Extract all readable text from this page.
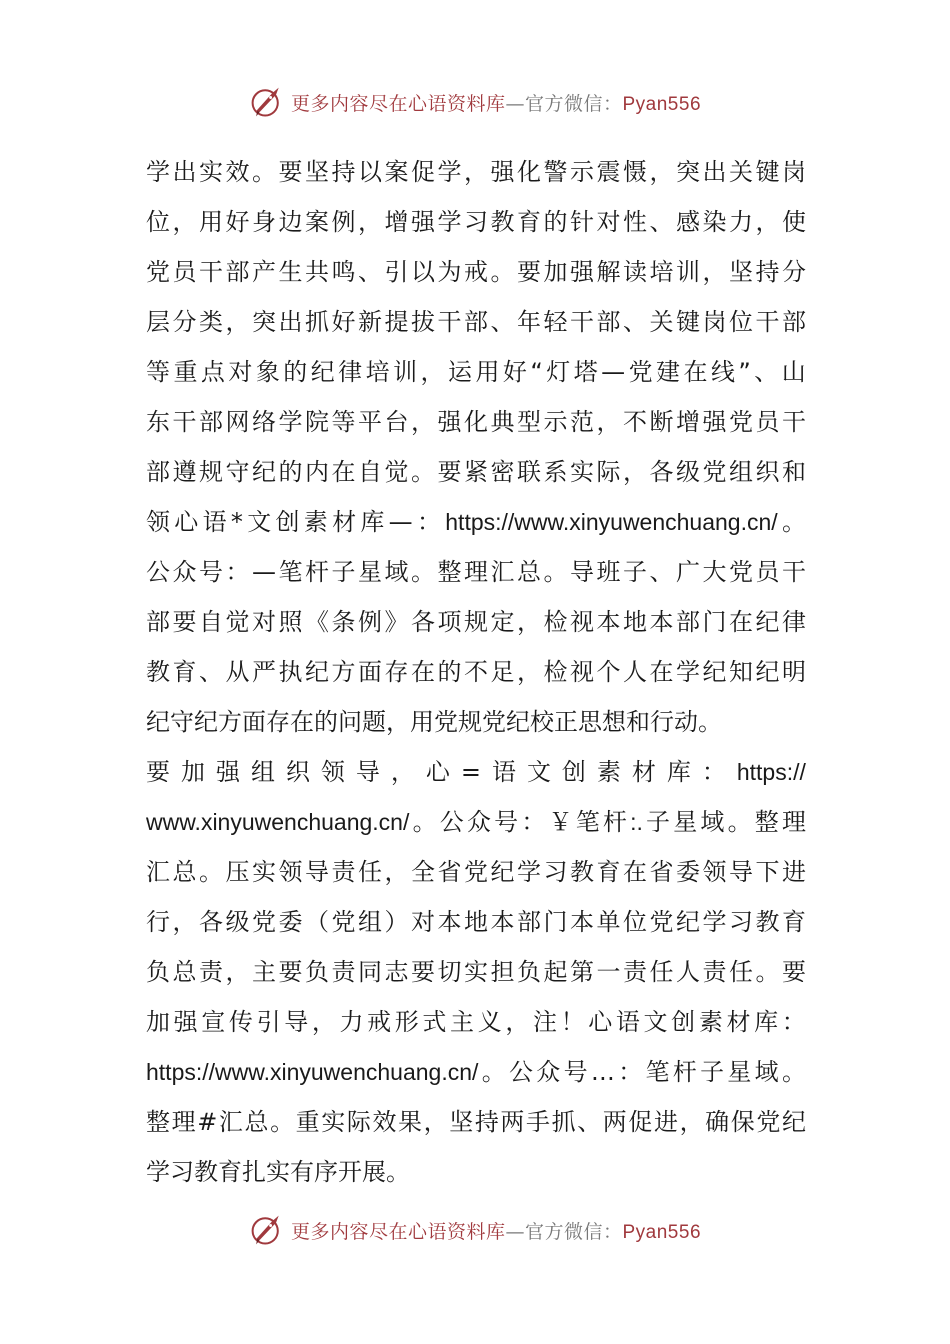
更多内容尽在心语资料库—官方微信：Pyan556
学 出 实 效 。 要 坚 持 以 案 促 学 ， 强 化 警 示 震 慑 ， 突 出 关 键 岗
位 ， 用 好 身 边 案 例 ， 增 强 学 习 教 育 的 针 对 性 、 感 染 力 ， 使
党 员 干 部 产 生 共 鸣 、 引 以 为 戒 。 要 加 强 解 读 培 训 ， 坚 持 分
层 分 类 ， 突 出 抓 好 新 提 拔 干 部 、 年 轻 干 部 、 关 键 岗 位 干 部
等 重 点 对 象 的 纪 律 培 训 ， 运 用 好 “ 灯 塔 — 党 建 在 线 ” 、 山
东 干 部 网 络 学 院 等 平 台 ， 强 化 典 型 示 范 ， 不 断 增 强 党 员 干
部 遵 规 守 纪 的 内 在 自 觉 。 要 紧 密 联 系 实 际 ， 各 级 党 组 织 和
领 心 语 * 文 创 素 材 库 — ： https://www.xinyuwenchuang.cn/ 。
公 众 号 ： — 笔 杆 子 星 域 。 整 理 汇 总 。 导 班 子 、 广 大 党 员 干
部 要 自 觉 对 照 《 条 例 》 各 项 规 定 ， 检 视 本 地 本 部 门 在 纪 律
教 育 、 从 严 执 纪 方 面 存 在 的 不 足 ， 检 视 个 人 在 学 纪 知 纪 明
纪 守 纪 方 面 存 在 的 问 题 ， 用 党 规 党 纪 校 正 思 想 和 行 动 。
要 加 强 组 织 领 导 ， 心 = 语 文 创 素 材 库 ： https://
www.xinyuwenchuang.cn/ 。 公 众 号 ： ￥ 笔 杆 :. 子 星 域 。 整 理
汇 总 。 压 实 领 导 责 任 ， 全 省 党 纪 学 习 教 育 在 省 委 领 导 下 进
行 ， 各 级 党 委 （ 党 组 ） 对 本 地 本 部 门 本 单 位 党 纪 学 习 教 育
负 总 责 ， 主 要 负 责 同 志 要 切 实 担 负 起 第 一 责 任 人 责 任 。 要
加 强 宣 传 引 导 ， 力 戒 形 式 主 义 ， 注 ！ 心 语 文 创 素 材 库 ：
https://www.xinyuwenchuang.cn/ 。 公 众 号 … ： 笔 杆 子 星 域 。
整 理 # 汇 总 。 重 实 际 效 果 ， 坚 持 两 手 抓 、 两 促 进 ， 确 保 党 纪
学 习 教 育 扎 实 有 序 开 展 。
更多内容尽在心语资料库—官方微信：Pyan556
